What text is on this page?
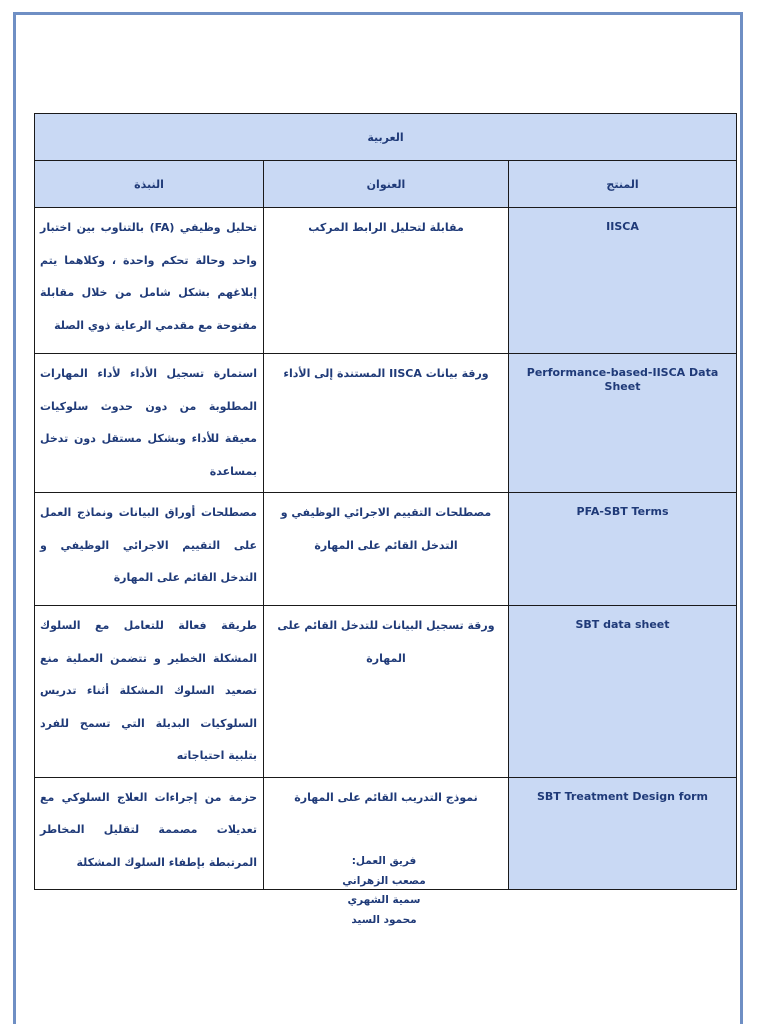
العربية		
النبذة	العنوان	المنتج
تحليل وظيفي (FA) بالتناوب بين اختبار واحد وحالة تحكم واحدة ، وكلاهما يتم إبلاغهم بشكل شامل من خلال مقابلة مفتوحة مع مقدمي الرعاية ذوي الصلة	مقابلة لتحليل الرابط المركب	IISCA
استمارة تسجيل الأداء لأداء المهارات المطلوبة من دون حدوث سلوكيات معيقة للأداء وبشكل مستقل دون تدخل بمساعدة	ورقة بيانات IISCA المستندة إلى الأداء	Performance-based-IISCA Data Sheet
مصطلحات أوراق البيانات ونماذج العمل على التقييم الاجرائي الوظيفي و التدخل القائم على المهارة	مصطلحات التقييم الاجرائي الوظيفي و التدخل القائم على المهارة	PFA-SBT Terms
طريقة فعالة للتعامل مع السلوك المشكلة الخطير و تتضمن العملية منع تصعيد السلوك المشكلة أثناء تدريس السلوكيات البديلة التي تسمح للفرد بتلبية احتياجاته	ورقة تسجيل البيانات للتدخل القائم على المهارة	SBT data sheet
حزمة من إجراءات العلاج السلوكي مع تعديلات مصممة لتقليل المخاطر المرتبطة بإطفاء السلوك المشكلة	نموذج التدريب القائم على المهارة	SBT Treatment Design form
فريق العمل:
مصعب الزهراني
سمية الشهري
محمود السيد
